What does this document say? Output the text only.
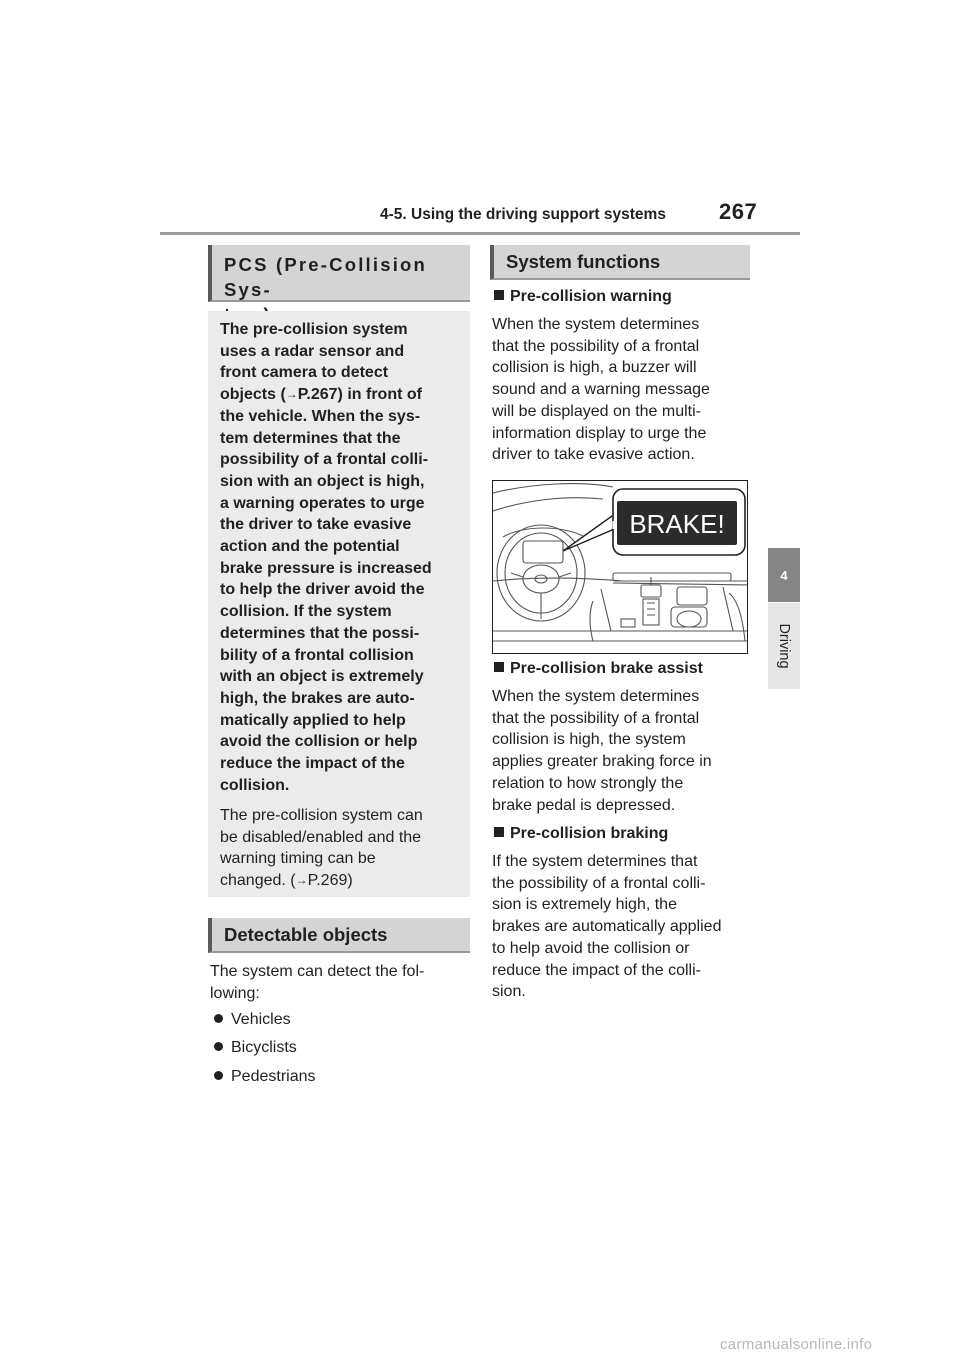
4-5. Using the driving support systems 267
4
Driving
PCS (Pre-Collision Sys-
The pre-collision system
uses a radar sensor and
front camera to detect
objects (→P.267) in front of
the vehicle. When the sys-
tem determines that the
possibility of a frontal colli-
sion with an object is high,
a warning operates to urge
the driver to take evasive
action and the potential
brake pressure is increased
to help the driver avoid the
collision. If the system
determines that the possi-
bility of a frontal collision
with an object is extremely
high, the brakes are auto-
matically applied to help
avoid the collision or help
reduce the impact of the
collision.
The pre-collision system can
be disabled/enabled and the
warning timing can be
changed. (→P.269)
Detectable objects
The system can detect the fol-
lowing:
Vehicles
Bicyclists
Pedestrians
System functions
Pre-collision warning
When the system determines
that the possibility of a frontal
collision is high, a buzzer will
sound and a warning message
will be displayed on the multi-
information display to urge the
driver to take evasive action.
BRAKE!
Pre-collision brake assist
When the system determines
that the possibility of a frontal
collision is high, the system
applies greater braking force in
relation to how strongly the
brake pedal is depressed.
Pre-collision braking
If the system determines that
the possibility of a frontal colli-
sion is extremely high, the
brakes are automatically applied
to help avoid the collision or
reduce the impact of the colli-
sion.
carmanualsonline.info
